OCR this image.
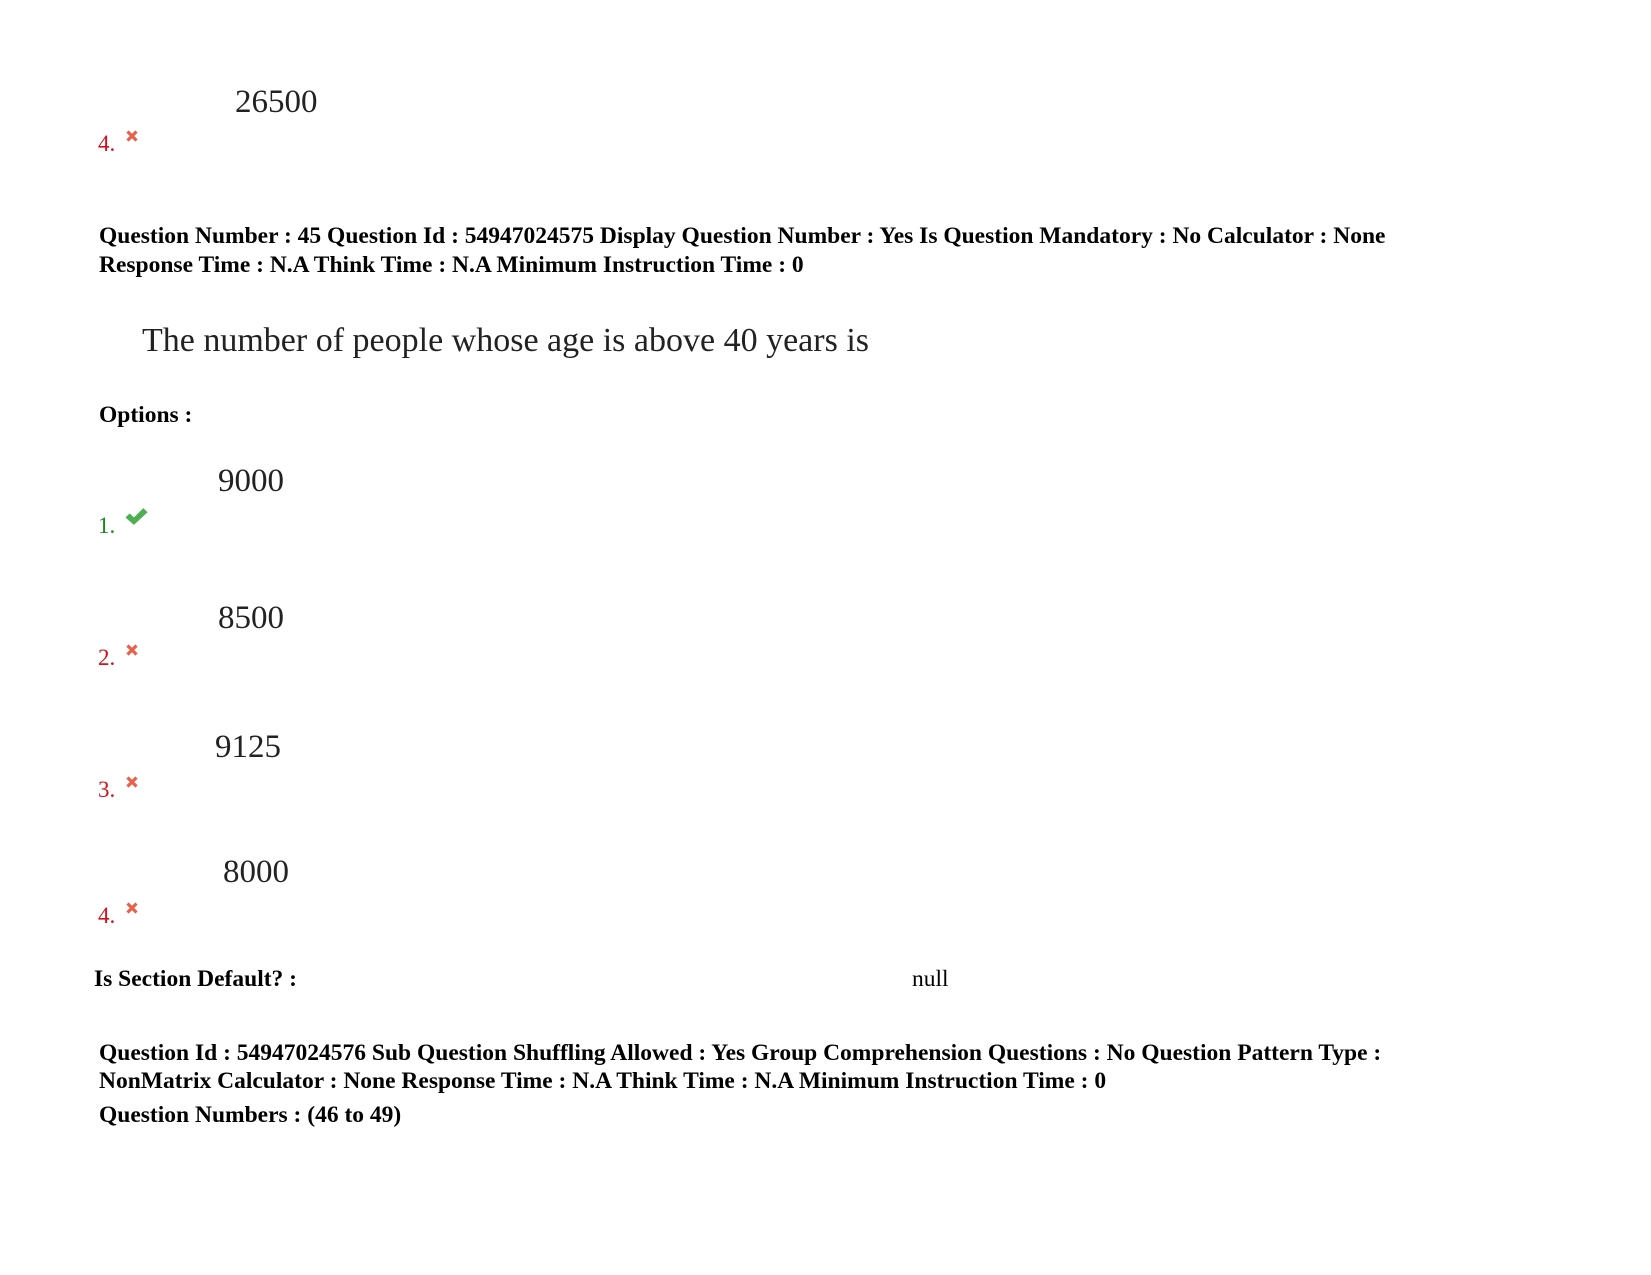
26500
4.
Question Number : 45 Question Id : 54947024575 Display Question Number : Yes Is Question Mandatory : No Calculator : None
Response Time : N.A Think Time : N.A Minimum Instruction Time : 0
The number of people whose age is above 40 years is
Options :
9000
1.
8500
2.
9125
3.
8000
4.
Is Section Default? :	null
Question Id : 54947024576 Sub Question Shuffling Allowed : Yes Group Comprehension Questions : No Question Pattern Type :
NonMatrix Calculator : None Response Time : N.A Think Time : N.A Minimum Instruction Time : 0
Question Numbers : (46 to 49)
